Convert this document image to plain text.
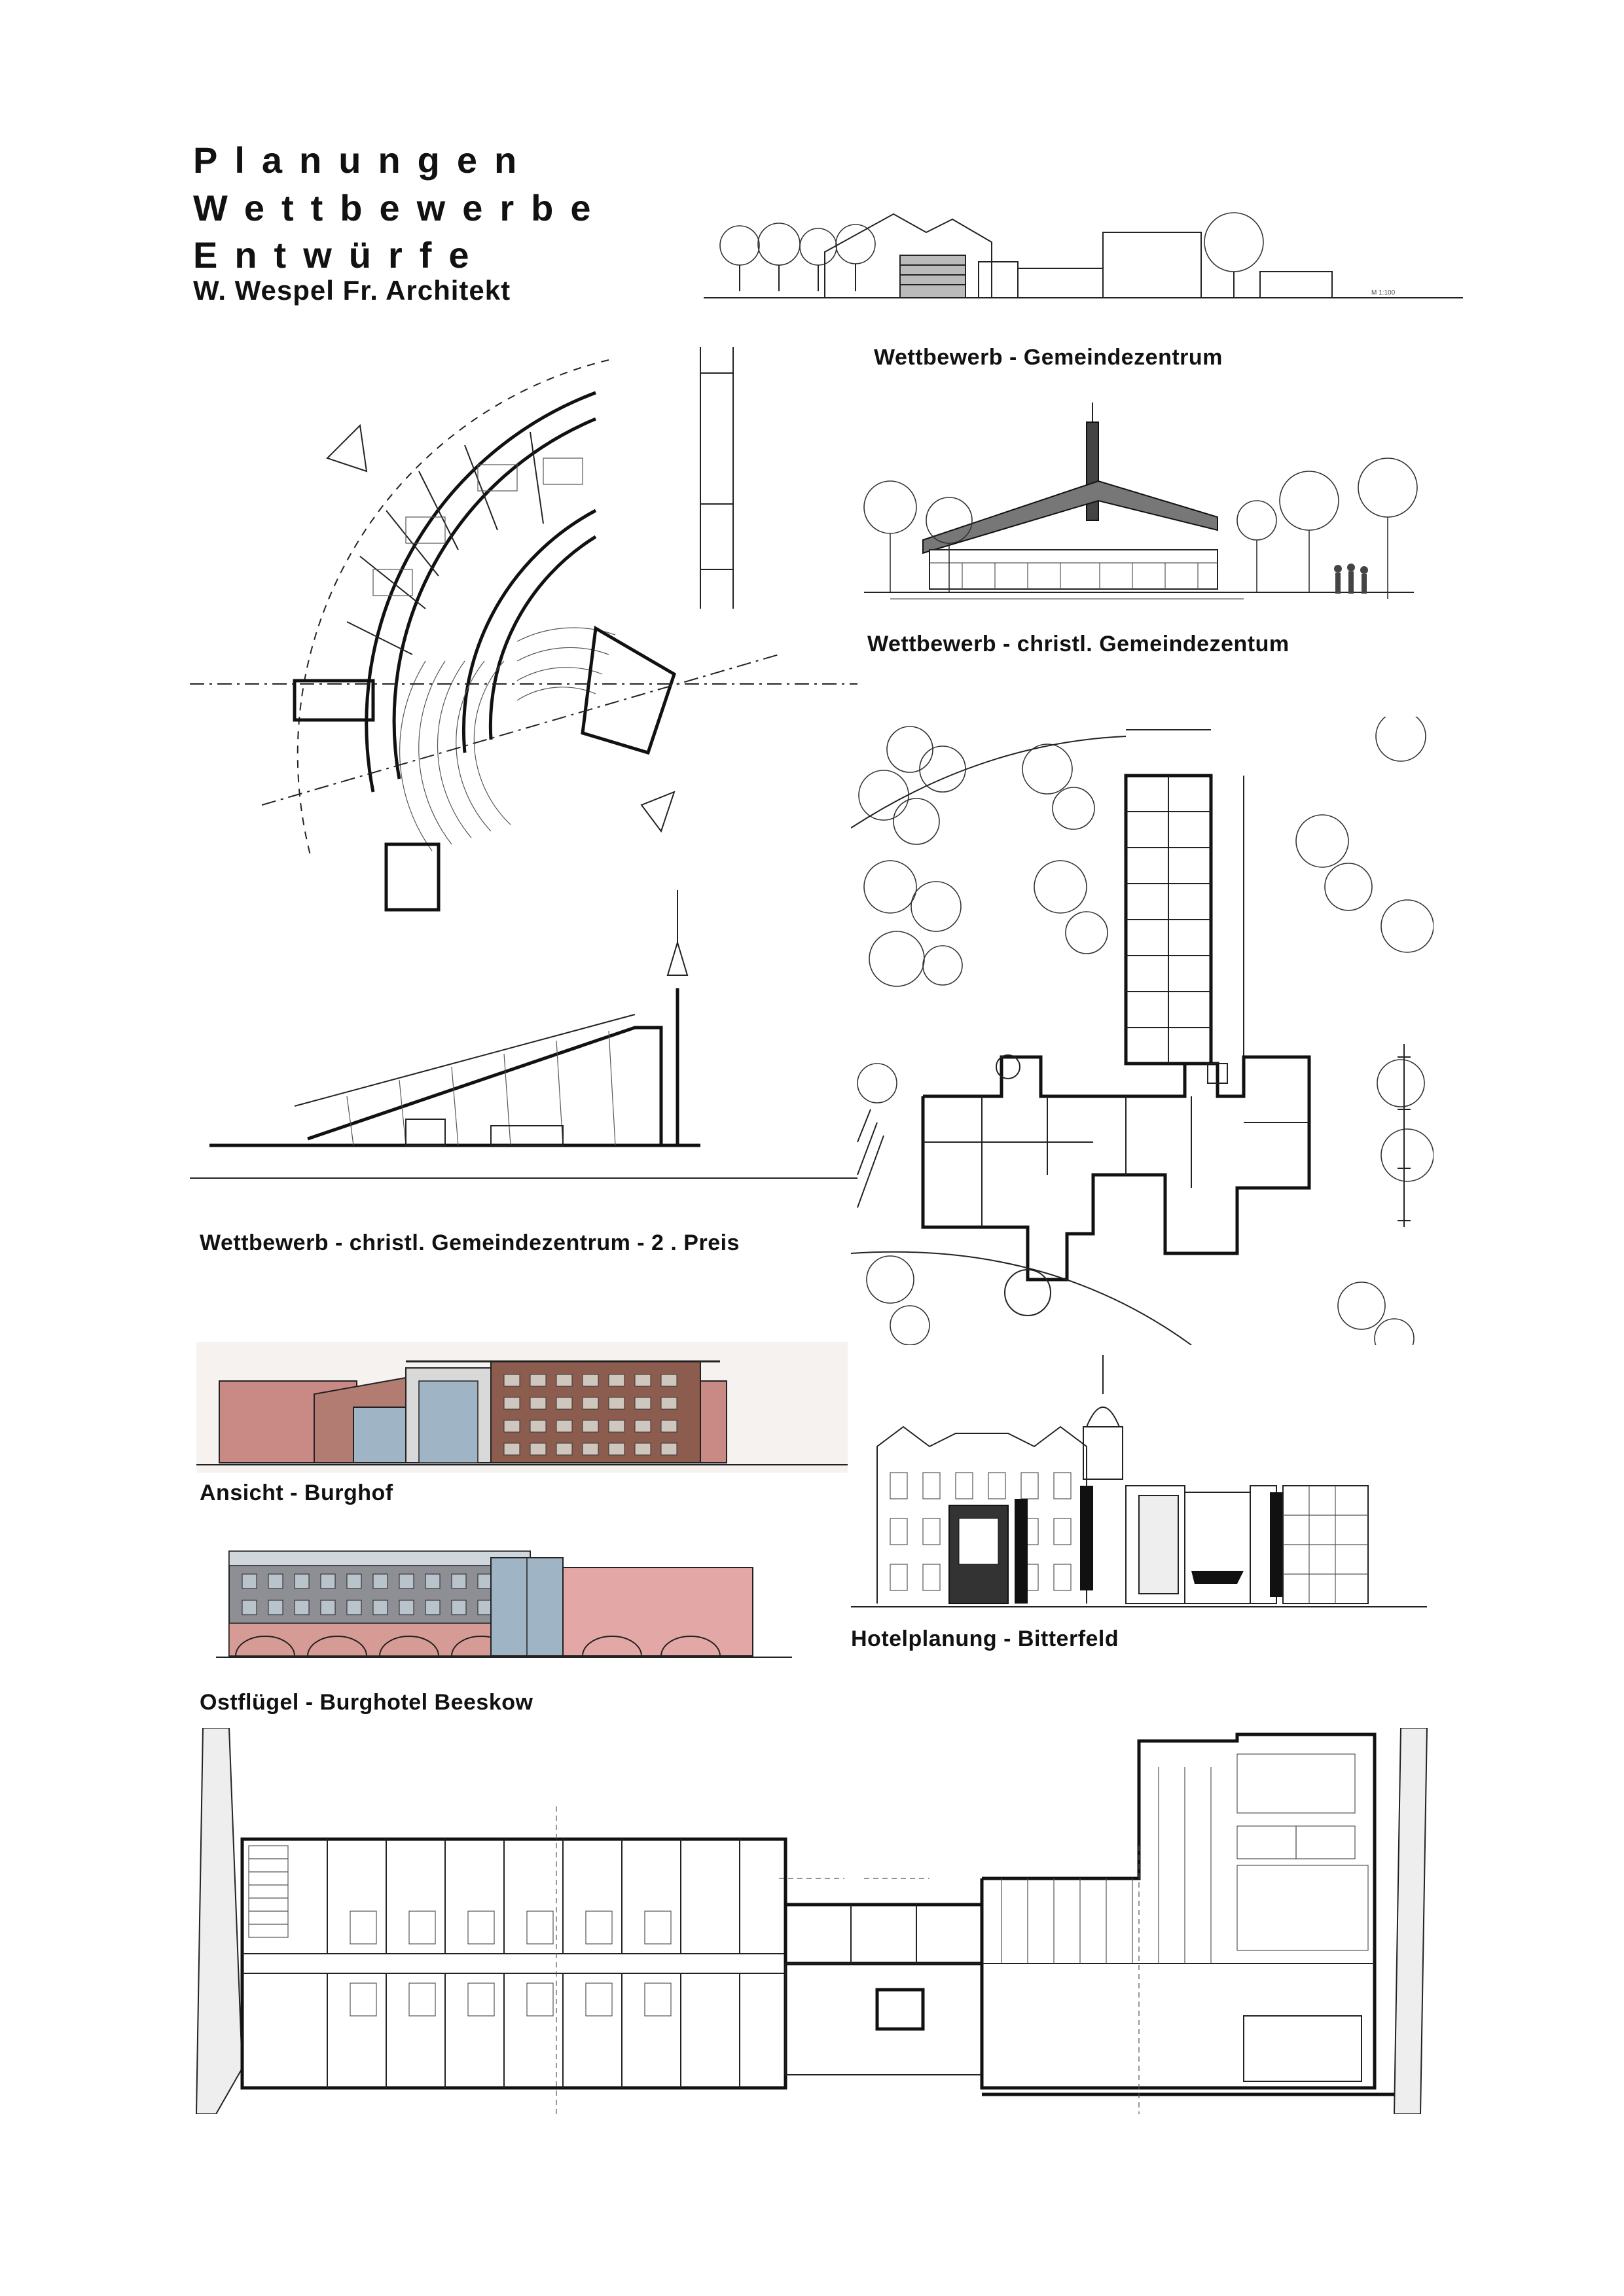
Planungen
Wettbewerbe
Entwürfe
W. Wespel Fr. Architekt	M 1:100
Wettbewerb - Gemeindezentrum
Wettbewerb - christl. Gemeindezentum
Wettbewerb - christl. Gemeindezentrum - 2 . Preis
Ansicht - Burghof
Ostflügel - Burghotel Beeskow
Hotelplanung - Bitterfeld
